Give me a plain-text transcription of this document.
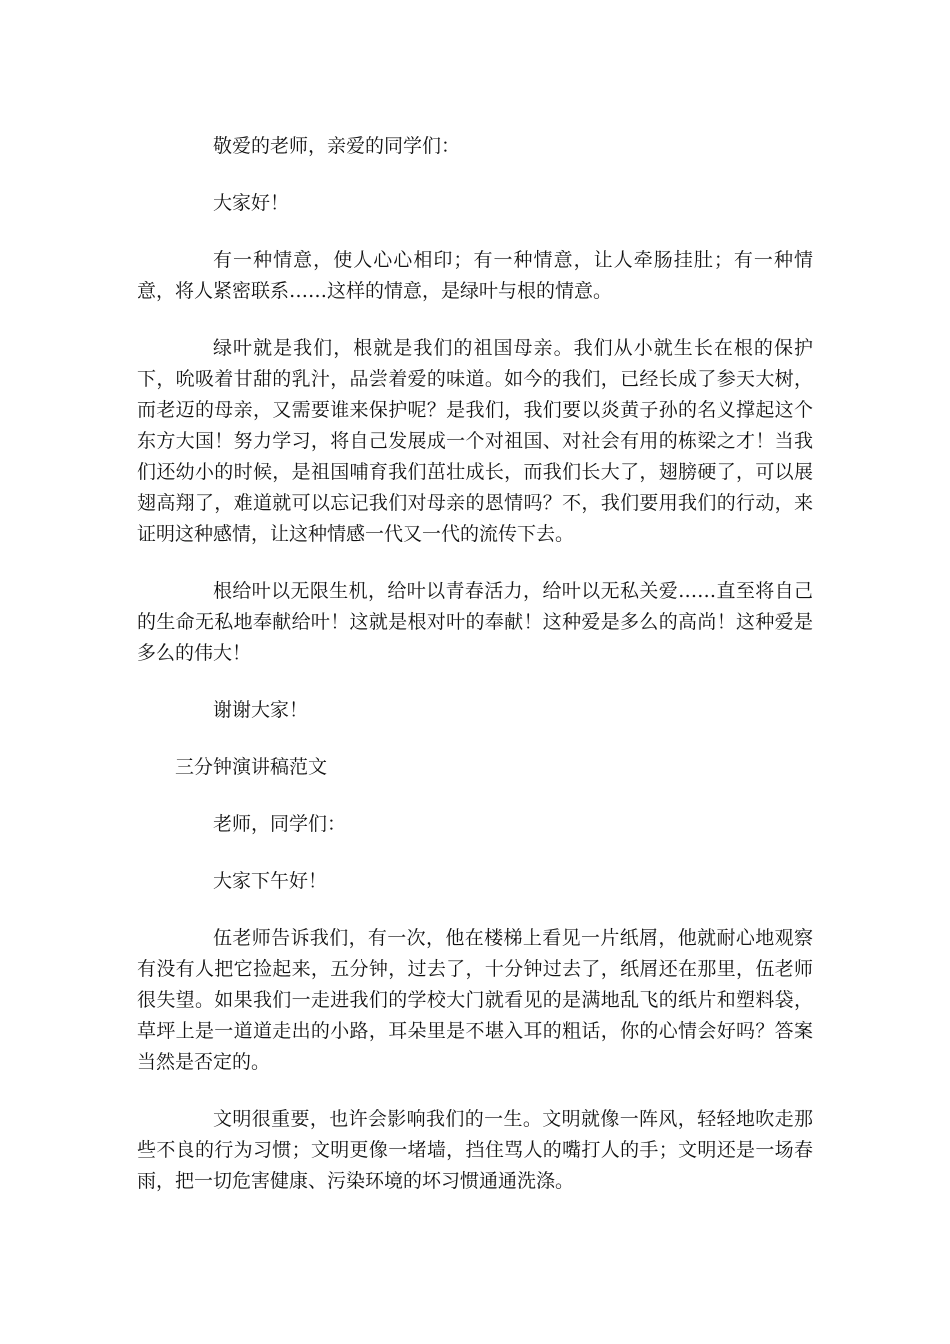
敬爱的老师，亲爱的同学们：

大家好！

有一种情意，使人心心相印；有一种情意，让人牵肠挂肚；有一种情意，将人紧密联系……这样的情意，是绿叶与根的情意。

绿叶就是我们，根就是我们的祖国母亲。我们从小就生长在根的保护下，吮吸着甘甜的乳汁，品尝着爱的味道。如今的我们，已经长成了参天大树，而老迈的母亲，又需要谁来保护呢？是我们，我们要以炎黄子孙的名义撑起这个东方大国！努力学习，将自己发展成一个对祖国、对社会有用的栋梁之才！当我们还幼小的时候，是祖国哺育我们茁壮成长，而我们长大了，翅膀硬了，可以展翅高翔了，难道就可以忘记我们对母亲的恩情吗？不，我们要用我们的行动，来证明这种感情，让这种情感一代又一代的流传下去。

根给叶以无限生机，给叶以青春活力，给叶以无私关爱……直至将自己的生命无私地奉献给叶！这就是根对叶的奉献！这种爱是多么的高尚！这种爱是多么的伟大！

谢谢大家！

三分钟演讲稿范文

老师，同学们：

大家下午好！

伍老师告诉我们，有一次，他在楼梯上看见一片纸屑，他就耐心地观察有没有人把它捡起来，五分钟，过去了，十分钟过去了，纸屑还在那里，伍老师很失望。如果我们一走进我们的学校大门就看见的是满地乱飞的纸片和塑料袋，草坪上是一道道走出的小路，耳朵里是不堪入耳的粗话，你的心情会好吗？答案当然是否定的。

文明很重要，也许会影响我们的一生。文明就像一阵风，轻轻地吹走那些不良的行为习惯；文明更像一堵墙，挡住骂人的嘴打人的手；文明还是一场春雨，把一切危害健康、污染环境的坏习惯通通洗涤。
